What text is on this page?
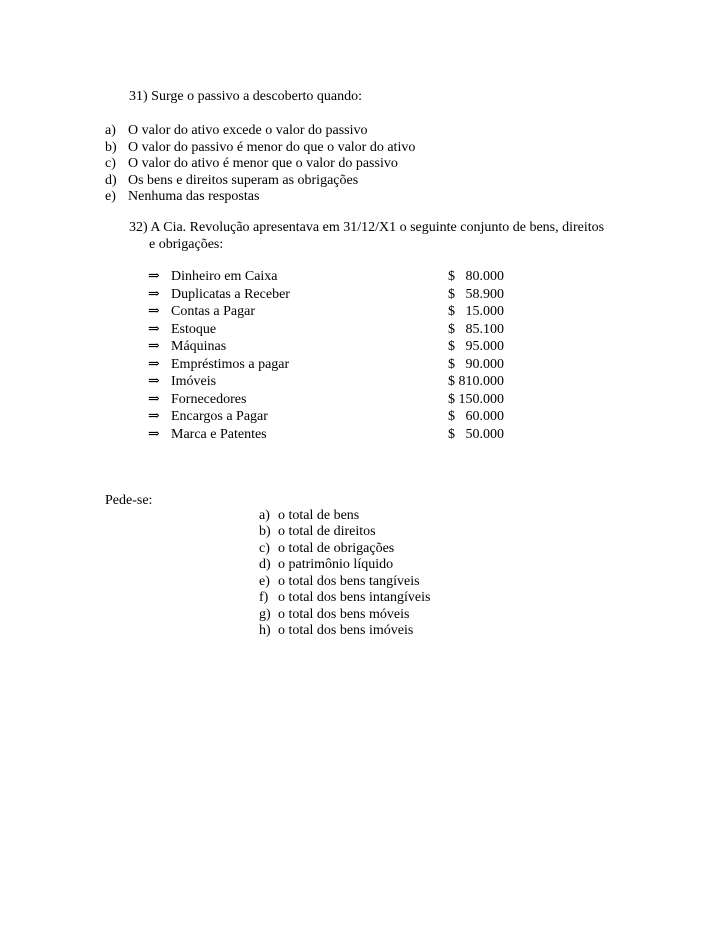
31) Surge o passivo a descoberto quando:
a) O valor do ativo excede o valor do passivo
b) O valor do passivo é menor do que o valor do ativo
c) O valor do ativo é menor que o valor do passivo
d) Os bens e direitos superam as obrigações
e) Nenhuma das respostas
32) A Cia. Revolução apresentava em 31/12/X1 o seguinte conjunto de bens, direitos
e obrigações:
⇒ Dinheiro em Caixa	$   80.000
⇒ Duplicatas a Receber	$   58.900
⇒ Contas a Pagar	$   15.000
⇒ Estoque	$   85.100
⇒ Máquinas	$   95.000
⇒ Empréstimos a pagar	$   90.000
⇒ Imóveis	$ 810.000
⇒ Fornecedores	$ 150.000
⇒ Encargos a Pagar	$   60.000
⇒ Marca e Patentes	$   50.000
Pede-se:
a) o total de bens
b) o total de direitos
c) o total de obrigações
d) o patrimônio líquido
e) o total dos bens tangíveis
f) o total dos bens intangíveis
g) o total dos bens móveis
h) o total dos bens imóveis
